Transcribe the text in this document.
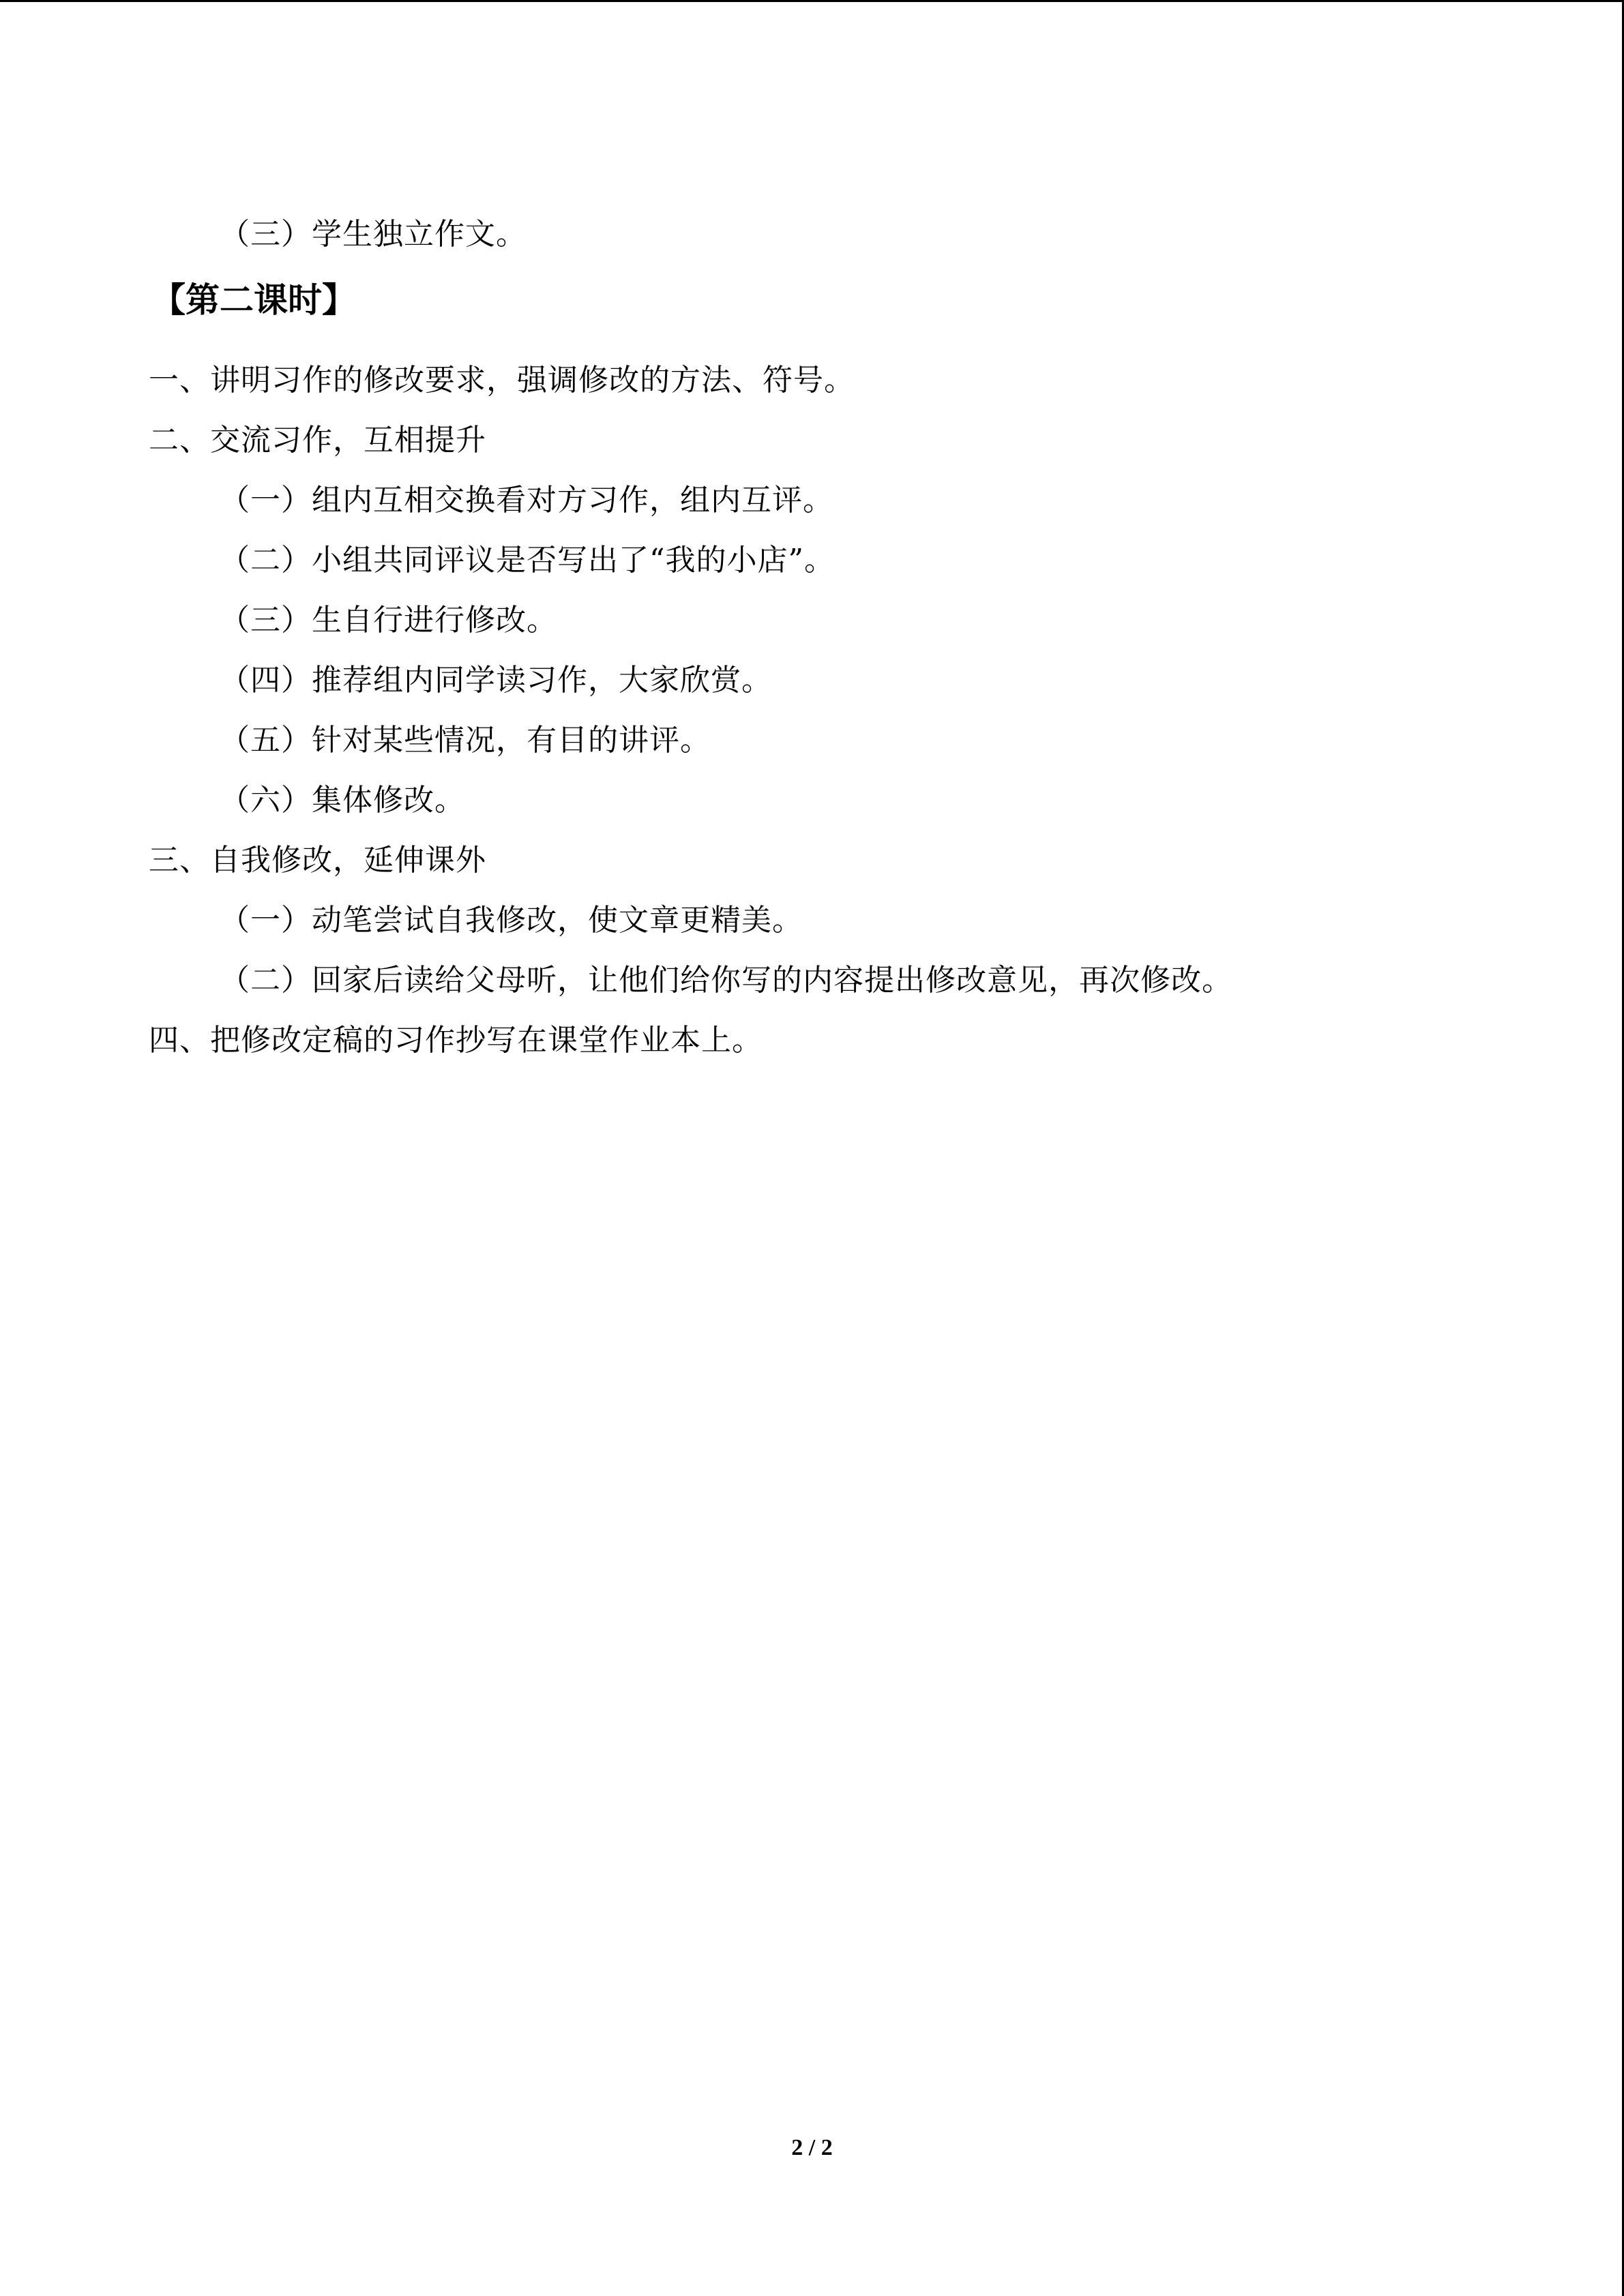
（三）学生独立作文。
【第二课时】
一、讲明习作的修改要求，强调修改的方法、符号。
二、交流习作，互相提升
（一）组内互相交换看对方习作，组内互评。
（二）小组共同评议是否写出了“我的小店”。
（三）生自行进行修改。
（四）推荐组内同学读习作，大家欣赏。
（五）针对某些情况，有目的讲评。
（六）集体修改。
三、自我修改，延伸课外
（一）动笔尝试自我修改，使文章更精美。
（二）回家后读给父母听，让他们给你写的内容提出修改意见，再次修改。
四、把修改定稿的习作抄写在课堂作业本上。
2 / 2
